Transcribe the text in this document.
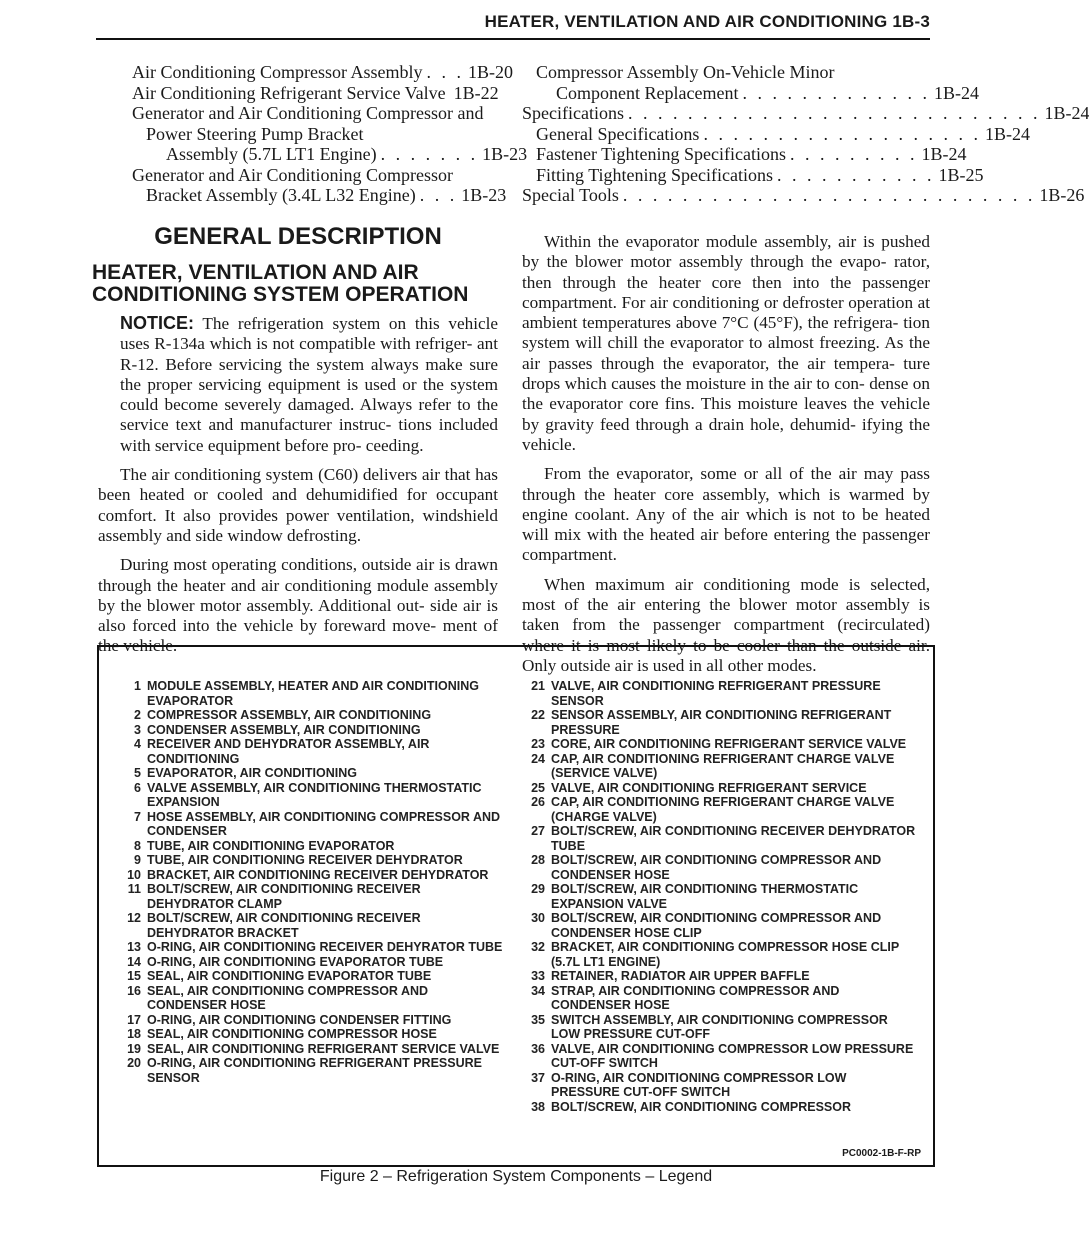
HEATER, VENTILATION AND AIR CONDITIONING 1B-3
Air Conditioning Compressor Assembly . . . 1B-20
Air Conditioning Refrigerant Service Valve 1B-22
Generator and Air Conditioning Compressor and
Power Steering Pump Bracket
Assembly (5.7L LT1 Engine) . . . . . . . 1B-23
Generator and Air Conditioning Compressor
Bracket Assembly (3.4L L32 Engine) . . . 1B-23
Compressor Assembly On-Vehicle Minor
Component Replacement . . . . . . . . . . . . . 1B-24
Specifications . . . . . . . . . . . . . . . . . . . . . . . . . . . . 1B-24
General Specifications . . . . . . . . . . . . . . . . . . . 1B-24
Fastener Tightening Specifications . . . . . . . . . 1B-24
Fitting Tightening Specifications . . . . . . . . . . . 1B-25
Special Tools . . . . . . . . . . . . . . . . . . . . . . . . . . . . 1B-26
GENERAL DESCRIPTION
HEATER, VENTILATION AND AIR CONDITIONING SYSTEM OPERATION

NOTICE: The refrigeration system on this vehicle uses R-134a which is not compatible with refriger- ant R-12. Before servicing the system always make sure the proper servicing equipment is used or the system could become severely damaged. Always refer to the service text and manufacturer instruc- tions included with service equipment before pro- ceeding.

The air conditioning system (C60) delivers air that has been heated or cooled and dehumidified for occupant comfort. It also provides power ventilation, windshield assembly and side window defrosting.

During most operating conditions, outside air is drawn through the heater and air conditioning module assembly by the blower motor assembly. Additional out- side air is also forced into the vehicle by foreward move- ment of the vehicle.

Within the evaporator module assembly, air is pushed by the blower motor assembly through the evapo- rator, then through the heater core then into the passenger compartment. For air conditioning or defroster operation at ambient temperatures above 7°C (45°F), the refrigera- tion system will chill the evaporator to almost freezing. As the air passes through the evaporator, the air tempera- ture drops which causes the moisture in the air to con- dense on the evaporator core fins. This moisture leaves the vehicle by gravity feed through a drain hole, dehumid- ifying the vehicle.

From the evaporator, some or all of the air may pass through the heater core assembly, which is warmed by engine coolant. Any of the air which is not to be heated will mix with the heated air before entering the passenger compartment.

When maximum air conditioning mode is selected, most of the air entering the blower motor assembly is taken from the passenger compartment (recirculated) where it is most likely to be cooler than the outside air. Only outside air is used in all other modes.

1 MODULE ASSEMBLY, HEATER AND AIR CONDITIONING EVAPORATOR
2 COMPRESSOR ASSEMBLY, AIR CONDITIONING
3 CONDENSER ASSEMBLY, AIR CONDITIONING
4 RECEIVER AND DEHYDRATOR ASSEMBLY, AIR CONDITIONING
5 EVAPORATOR, AIR CONDITIONING
6 VALVE ASSEMBLY, AIR CONDITIONING THERMOSTATIC EXPANSION
7 HOSE ASSEMBLY, AIR CONDITIONING COMPRESSOR AND CONDENSER
8 TUBE, AIR CONDITIONING EVAPORATOR
9 TUBE, AIR CONDITIONING RECEIVER DEHYDRATOR
10 BRACKET, AIR CONDITIONING RECEIVER DEHYDRATOR
11 BOLT/SCREW, AIR CONDITIONING RECEIVER DEHYDRATOR CLAMP
12 BOLT/SCREW, AIR CONDITIONING RECEIVER DEHYDRATOR BRACKET
13 O-RING, AIR CONDITIONING RECEIVER DEHYRATOR TUBE
14 O-RING, AIR CONDITIONING EVAPORATOR TUBE
15 SEAL, AIR CONDITIONING EVAPORATOR TUBE
16 SEAL, AIR CONDITIONING COMPRESSOR AND CONDENSER HOSE
17 O-RING, AIR CONDITIONING CONDENSER FITTING
18 SEAL, AIR CONDITIONING COMPRESSOR HOSE
19 SEAL, AIR CONDITIONING REFRIGERANT SERVICE VALVE
20 O-RING, AIR CONDITIONING REFRIGERANT PRESSURE SENSOR
21 VALVE, AIR CONDITIONING REFRIGERANT PRESSURE SENSOR
22 SENSOR ASSEMBLY, AIR CONDITIONING REFRIGERANT PRESSURE
23 CORE, AIR CONDITIONING REFRIGERANT SERVICE VALVE
24 CAP, AIR CONDITIONING REFRIGERANT CHARGE VALVE (SERVICE VALVE)
25 VALVE, AIR CONDITIONING REFRIGERANT SERVICE
26 CAP, AIR CONDITIONING REFRIGERANT CHARGE VALVE (CHARGE VALVE)
27 BOLT/SCREW, AIR CONDITIONING RECEIVER DEHYDRATOR TUBE
28 BOLT/SCREW, AIR CONDITIONING COMPRESSOR AND CONDENSER HOSE
29 BOLT/SCREW, AIR CONDITIONING THERMOSTATIC EXPANSION VALVE
30 BOLT/SCREW, AIR CONDITIONING COMPRESSOR AND CONDENSER HOSE CLIP
32 BRACKET, AIR CONDITIONING COMPRESSOR HOSE CLIP (5.7L LT1 ENGINE)
33 RETAINER, RADIATOR AIR UPPER BAFFLE
34 STRAP, AIR CONDITIONING COMPRESSOR AND CONDENSER HOSE
35 SWITCH ASSEMBLY, AIR CONDITIONING COMPRESSOR LOW PRESSURE CUT-OFF
36 VALVE, AIR CONDITIONING COMPRESSOR LOW PRESSURE CUT-OFF SWITCH
37 O-RING, AIR CONDITIONING COMPRESSOR LOW PRESSURE CUT-OFF SWITCH
38 BOLT/SCREW, AIR CONDITIONING COMPRESSOR
PC0002-1B-F-RP
Figure 2 – Refrigeration System Components – Legend
